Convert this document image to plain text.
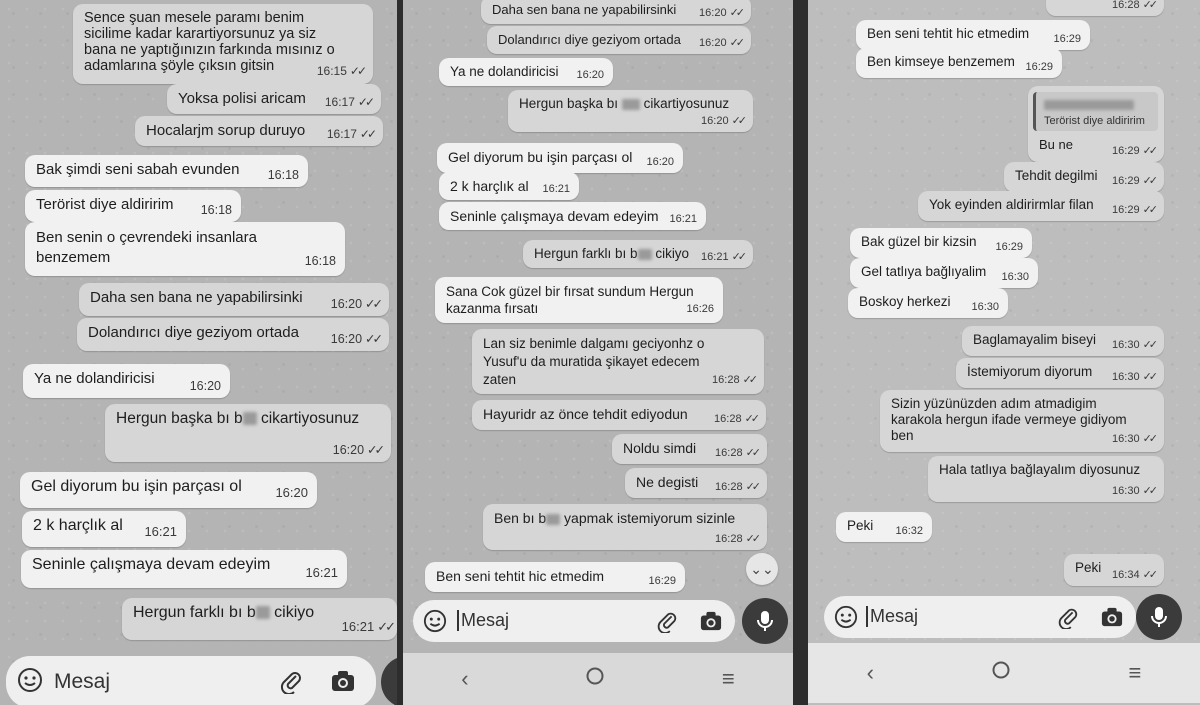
Sence şuan mesele paramı benim
sicilime kadar karartiyorsunuz ya siz
bana ne yaptığınızın farkında mısınız o
adamlarına şöyle çıksın gitsin	16:15 ✓✓
Yoksa polisi aricam 16:17 ✓✓
Hocalarjm sorup duruyo 16:17 ✓✓
Bak şimdi seni sabah evunden 16:18
Terörist diye aldiririm 16:18
Ben senin o çevrendeki insanlara
benzemem	16:18
Daha sen bana ne yapabilirsinki 16:20 ✓✓
Dolandırıcı diye geziyom ortada	16:20 ✓✓
Ya ne dolandiricisi	16:20
Hergun başka bı b cikartiyosunuz
16:20 ✓✓
Gel diyorum bu işin parçası ol	16:20
2 k harçlık al 16:21
Seninle çalışmaya devam edeyim	16:21
Hergun farklı bı b cikiyo
16:21 ✓✓
Mesaj
Daha sen bana ne yapabilirsinki 16:20 ✓✓
Dolandırıcı diye geziyom ortada 16:20 ✓✓
Ya ne dolandiricisi 16:20
Hergun başka bı  cikartiyosunuz
16:20 ✓✓
Gel diyorum bu işin parçası ol 16:20
2 k harçlık al 16:21
Seninle çalışmaya devam edeyim 16:21
Hergun farklı bı b cikiyo 16:21 ✓✓
Sana Cok güzel bir fırsat sundum Hergun
kazanma fırsatı	16:26
Lan siz benimle dalgamı geciyonhz o
Yusuf'u da muratida şikayet edecem
zaten	16:28 ✓✓
Hayuridr az önce tehdit ediyodun 16:28 ✓✓
Noldu simdi 16:28 ✓✓
Ne degisti 16:28 ✓✓
Ben bı b yapmak istemiyorum sizinle
16:28 ✓✓
Ben seni tehtit hic etmedim	16:29
⌄⌄
Mesaj
‹	≡
16:28 ✓✓
Ben seni tehtit hic etmedim 16:29
Ben kimseye benzemem 16:29
Terörist diye aldiririm
Bu ne	16:29 ✓✓
Tehdit degilmi 16:29 ✓✓
Yok eyinden aldirirmlar filan 16:29 ✓✓
Bak güzel bir kizsin 16:29
Gel tatlıya bağlıyalim 16:30
Boskoy herkezi 16:30
Baglamayalim biseyi 16:30 ✓✓
İstemiyorum diyorum 16:30 ✓✓
Sizin yüzünüzden adım atmadigim
karakola hergun ifade vermeye gidiyom
ben	16:30 ✓✓
Hala tatlıya bağlayalım diyosunuz
16:30 ✓✓
Peki 16:32
Peki 16:34 ✓✓
Mesaj
‹	≡
